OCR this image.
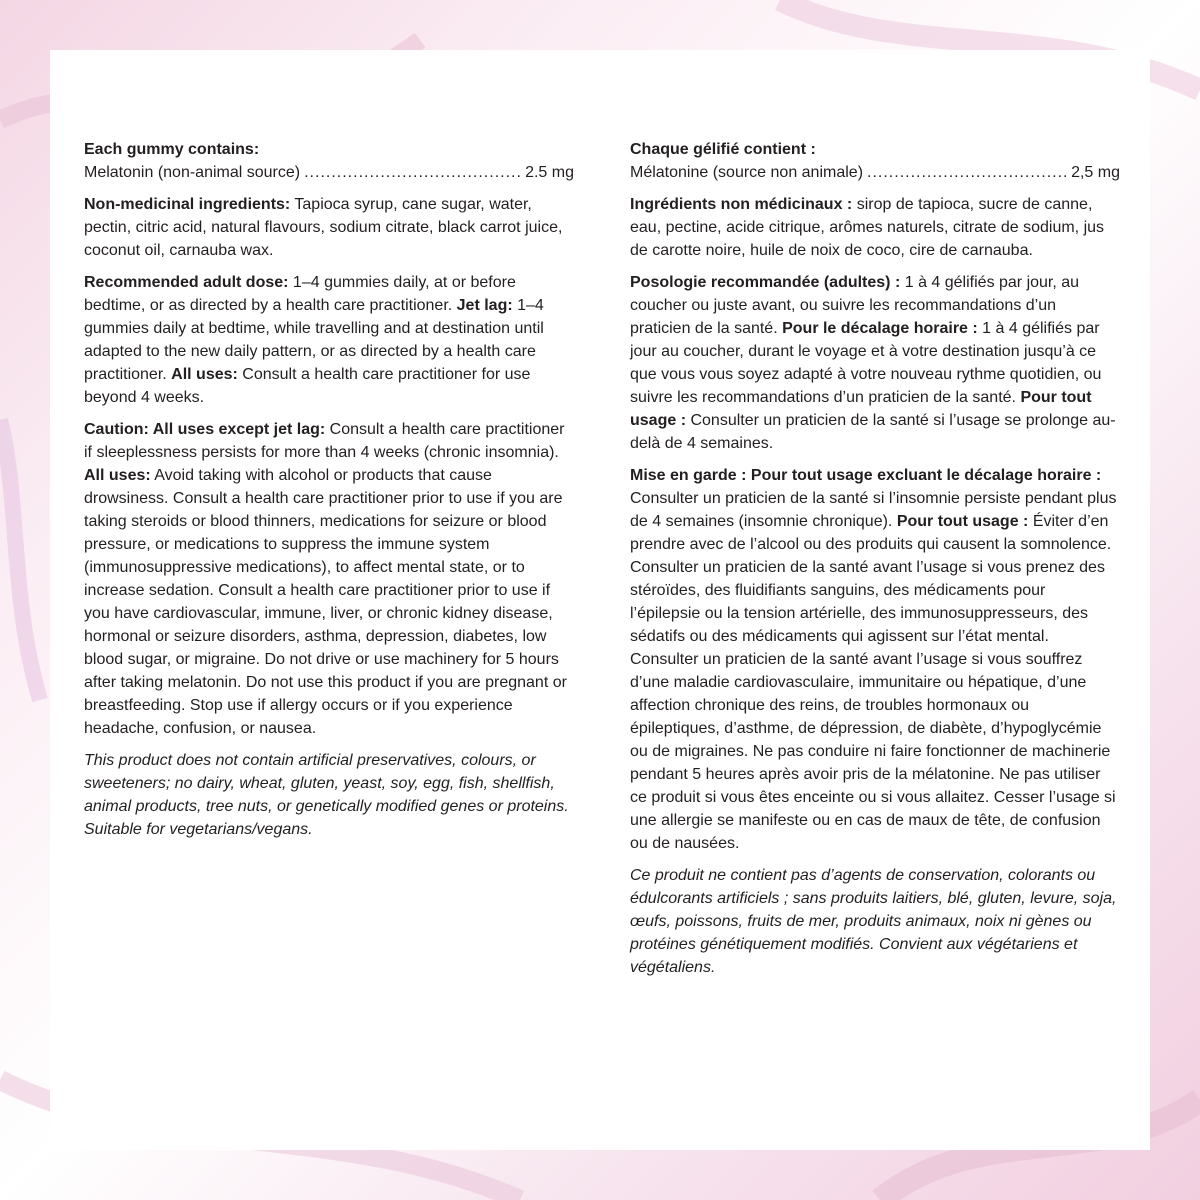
Each gummy contains:
Melatonin (non-animal source) .....	2.5 mg

Non-medicinal ingredients: Tapioca syrup, cane sugar, water, pectin, citric acid, natural flavours, sodium citrate, black carrot juice, coconut oil, carnauba wax.

Recommended adult dose: 1–4 gummies daily, at or before bedtime, or as directed by a health care practitioner. Jet lag: 1–4 gummies daily at bedtime, while travelling and at destination until adapted to the new daily pattern, or as directed by a health care practitioner. All uses: Consult a health care practitioner for use beyond 4 weeks.

Caution: All uses except jet lag: Consult a health care practitioner if sleeplessness persists for more than 4 weeks (chronic insomnia). All uses: Avoid taking with alcohol or products that cause drowsiness. Consult a health care practitioner prior to use if you are taking steroids or blood thinners, medications for seizure or blood pressure, or medications to suppress the immune system (immunosuppressive medications), to affect mental state, or to increase sedation. Consult a health care practitioner prior to use if you have cardiovascular, immune, liver, or chronic kidney disease, hormonal or seizure disorders, asthma, depression, diabetes, low blood sugar, or migraine. Do not drive or use machinery for 5 hours after taking melatonin. Do not use this product if you are pregnant or breastfeeding. Stop use if allergy occurs or if you experience headache, confusion, or nausea.

This product does not contain artificial preservatives, colours, or sweeteners; no dairy, wheat, gluten, yeast, soy, egg, fish, shellfish, animal products, tree nuts, or genetically modified genes or proteins. Suitable for vegetarians/vegans.

Chaque gélifié contient :
Mélatonine (source non animale) .....	2,5 mg

Ingrédients non médicinaux : sirop de tapioca, sucre de canne, eau, pectine, acide citrique, arômes naturels, citrate de sodium, jus de carotte noire, huile de noix de coco, cire de carnauba.

Posologie recommandée (adultes) : 1 à 4 gélifiés par jour, au coucher ou juste avant, ou suivre les recommandations d’un praticien de la santé. Pour le décalage horaire : 1 à 4 gélifiés par jour au coucher, durant le voyage et à votre destination jusqu’à ce que vous vous soyez adapté à votre nouveau rythme quotidien, ou suivre les recommandations d’un praticien de la santé. Pour tout usage : Consulter un praticien de la santé si l’usage se prolonge au-delà de 4 semaines.

Mise en garde : Pour tout usage excluant le décalage horaire : Consulter un praticien de la santé si l’insomnie persiste pendant plus de 4 semaines (insomnie chronique). Pour tout usage : Éviter d’en prendre avec de l’alcool ou des produits qui causent la somnolence. Consulter un praticien de la santé avant l’usage si vous prenez des stéroïdes, des fluidifiants sanguins, des médicaments pour l’épilepsie ou la tension artérielle, des immunosuppresseurs, des sédatifs ou des médicaments qui agissent sur l’état mental. Consulter un praticien de la santé avant l’usage si vous souffrez d’une maladie cardiovasculaire, immunitaire ou hépatique, d’une affection chronique des reins, de troubles hormonaux ou épileptiques, d’asthme, de dépression, de diabète, d’hypoglycémie ou de migraines. Ne pas conduire ni faire fonctionner de machinerie pendant 5 heures après avoir pris de la mélatonine. Ne pas utiliser ce produit si vous êtes enceinte ou si vous allaitez. Cesser l’usage si une allergie se manifeste ou en cas de maux de tête, de confusion ou de nausées.

Ce produit ne contient pas d’agents de conservation, colorants ou édulcorants artificiels ; sans produits laitiers, blé, gluten, levure, soja, œufs, poissons, fruits de mer, produits animaux, noix ni gènes ou protéines génétiquement modifiés. Convient aux végétariens et végétaliens.
